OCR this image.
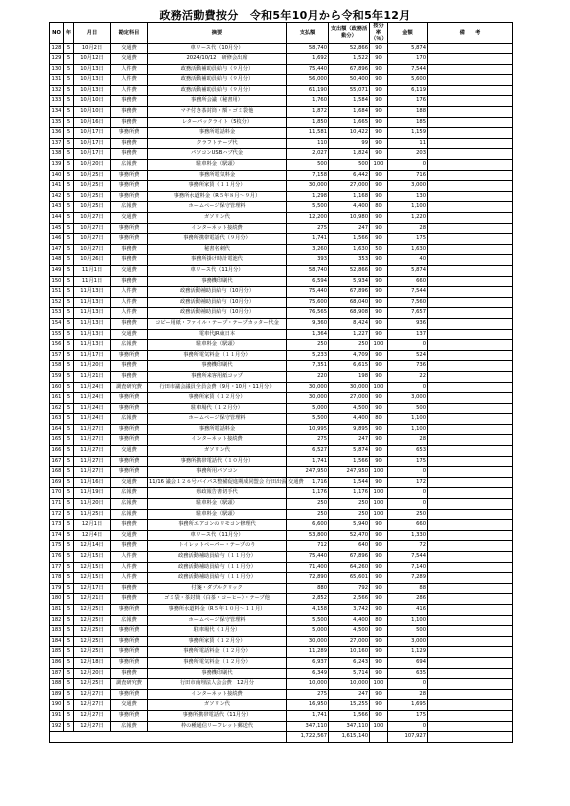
政務活動費按分　令和5年10月から令和5年12月
NO	年	月日	勘定科目	摘要	支払額	支出額（政務活動分）	按分率（％）	金額	備　　考
128	5	10月2日	交通費	車リース代（10月分）	58,740	52,866	90	5,874	
129	5	10月12日	交通費	2024/10/12　研修会出席	1,692	1,522	90	170	
130	5	10月13日	人件費	政務活動補助員給与（９月分）	75,440	67,896	90	7,544	
131	5	10月13日	人件費	政務活動補助員給与（９月分）	56,000	50,400	90	5,600	
132	5	10月13日	人件費	政務活動補助員給与（９月分）	61,190	55,071	90	6,119	
133	5	10月10日	事務費	事務所会議（秘書用）	1,760	1,584	90	176	
134	5	10月10日	事務費	マチ付き茶封筒・額・ゴミ袋他	1,872	1,684	90	188	
135	5	10月16日	事務費	レターパックライト（5枚分）	1,850	1,665	90	185	
136	5	10月17日	事務所費	事務所電話料金	11,581	10,422	90	1,159	
137	5	10月17日	事務費	クラフトテープ代	110	99	90	11	
138	5	10月17日	事務費	パソコンUSBハブ代金	2,027	1,824	90	203	
139	5	10月20日	広報費	駐車料金（駅頭）	500	500	100	0	
140	5	10月25日	事務所費	事務所電気料金	7,158	6,442	90	716	
141	5	10月25日	事務所費	事務所家賃（１１月分）	30,000	27,000	90	3,000	
142	5	10月25日	事務所費	事務所水道料金（R５年８月～９月）	1,298	1,168	90	130	
143	5	10月25日	広報費	ホームページ保守管理料	5,500	4,400	80	1,100	
144	5	10月27日	交通費	ガソリン代	12,200	10,980	90	1,220	
145	5	10月27日	事務所費	インターネット接続費	275	247	90	28	
146	5	10月27日	事務所費	事務所携帯電話代（９月分）	1,741	1,566	90	175	
147	5	10月27日	事務費	秘書名刺代	3,260	1,630	50	1,630	
148	5	10月26日	事務費	事務所掛け時計電池代	393	353	90	40	
149	5	11月1日	交通費	車リース代（11月分）	58,740	52,866	90	5,874	
150	5	11月1日	事務費	事務機印刷代	6,594	5,934	90	660	
151	5	11月13日	人件費	政務活動補助員給与（10月分）	75,440	67,896	90	7,544	
152	5	11月13日	人件費	政務活動補助員給与（10月分）	75,600	68,040	90	7,560	
153	5	11月13日	人件費	政務活動補助員給与（10月分）	76,565	68,908	90	7,657	
154	5	11月13日	事務費	コピー用紙・ファイル・テープ・テープカッター代金	9,360	8,424	90	936	
155	5	11月13日	交通費	電車代JR東日本	1,364	1,227	90	137	
156	5	11月13日	広報費	駐車料金（駅頭）	250	250	100	0	
157	5	11月17日	事務所費	事務所電気料金（１１月分）	5,233	4,709	90	524	
158	5	11月20日	事務費	事務機印刷代	7,351	6,615	90	736	
159	5	11月21日	事務費	事務所来客用紙コップ	220	198	90	22	
160	5	11月24日	調査研究費	行田市議会議員全員会費（9月・10月・11月分）	30,000	30,000	100	0	
161	5	11月24日	事務所費	事務所家賃（１２月分）	30,000	27,000	90	3,000	
162	5	11月24日	事務所費	駐車場代（１２月分）	5,000	4,500	90	500	
163	5	11月24日	広報費	ホームページ保守管理料	5,500	4,400	80	1,100	
164	5	11月27日	事務所費	事務所電話料金	10,995	9,895	90	1,100	
165	5	11月27日	事務所費	インターネット接続費	275	247	90	28	
166	5	11月27日	交通費	ガソリン代	6,527	5,874	90	653	
167	5	11月27日	事務所費	事務所携帯電話代（１０月分）	1,741	1,566	90	175	
168	5	11月27日	事務所費	事務所用パソコン	247,950	247,950	100	0	
169	5	11月16日	交通費	11/16 議会１２６号バイパス整備促進期成同盟会 行田出張 交通費	1,716	1,544	90	172	
170	5	11月19日	広報費	県政報告書切手代	1,176	1,176	100	0	
171	5	11月20日	広報費	駐車料金（駅頭）	250	250	100	0	
172	5	11月25日	広報費	駐車料金（駅頭）	250	250	100	250	
173	5	12月1日	事務費	事務所エアコンのリモコン修理代	6,600	5,940	90	660	
174	5	12月4日	交通費	車リース代（11月分）	53,800	52,470	90	1,330	
175	5	12月14日	事務費	トイレットペーパー・テープのり	712	640	90	72	
176	5	12月15日	人件費	政務活動補助員給与（１１月分）	75,440	67,896	90	7,544	
177	5	12月15日	人件費	政務活動補助員給与（１１月分）	71,400	64,260	90	7,140	
178	5	12月15日	人件費	政務活動補助員給与（１１月分）	72,890	65,601	90	7,289	
179	5	12月17日	事務費	付箋・ダブルクリック	880	792	90	88	
180	5	12月21日	事務費	ゴミ袋・茶封筒（白茶・コーヒー）・テープ他	2,852	2,566	90	286	
181	5	12月25日	事務所費	事務所水道料金（R５年１０月～１１月）	4,158	3,742	90	416	
182	5	12月25日	広報費	ホームページ保守管理料	5,500	4,400	80	1,100	
183	5	12月25日	事務所費	駐車場代（１月分）	5,000	4,500	90	500	
184	5	12月25日	事務所費	事務所家賃（１２月分）	30,000	27,000	90	3,000	
185	5	12月25日	事務所費	事務所電話料金（１２月分）	11,289	10,160	90	1,129	
186	5	12月18日	事務所費	事務所電気料金（１２月分）	6,937	6,243	90	694	
187	5	12月20日	事務費	事務機印刷代	6,349	5,714	90	635	
188	5	12月25日	調査研究費	行田市南埋法人会会費　12月分	10,000	10,000	100	0	
189	5	12月27日	事務所費	インターネット接続費	275	247	90	28	
190	5	12月27日	交通費	ガソリン代	16,950	15,255	90	1,695	
191	5	12月27日	事務所費	事務所携帯電話代（11月分）	1,741	1,566	90	175	
192	5	12月27日	広報費	枠の種通信リーフレット郵送代	347,110	347,110	100	0	
					1,722,567	1,615,140		107,927	
